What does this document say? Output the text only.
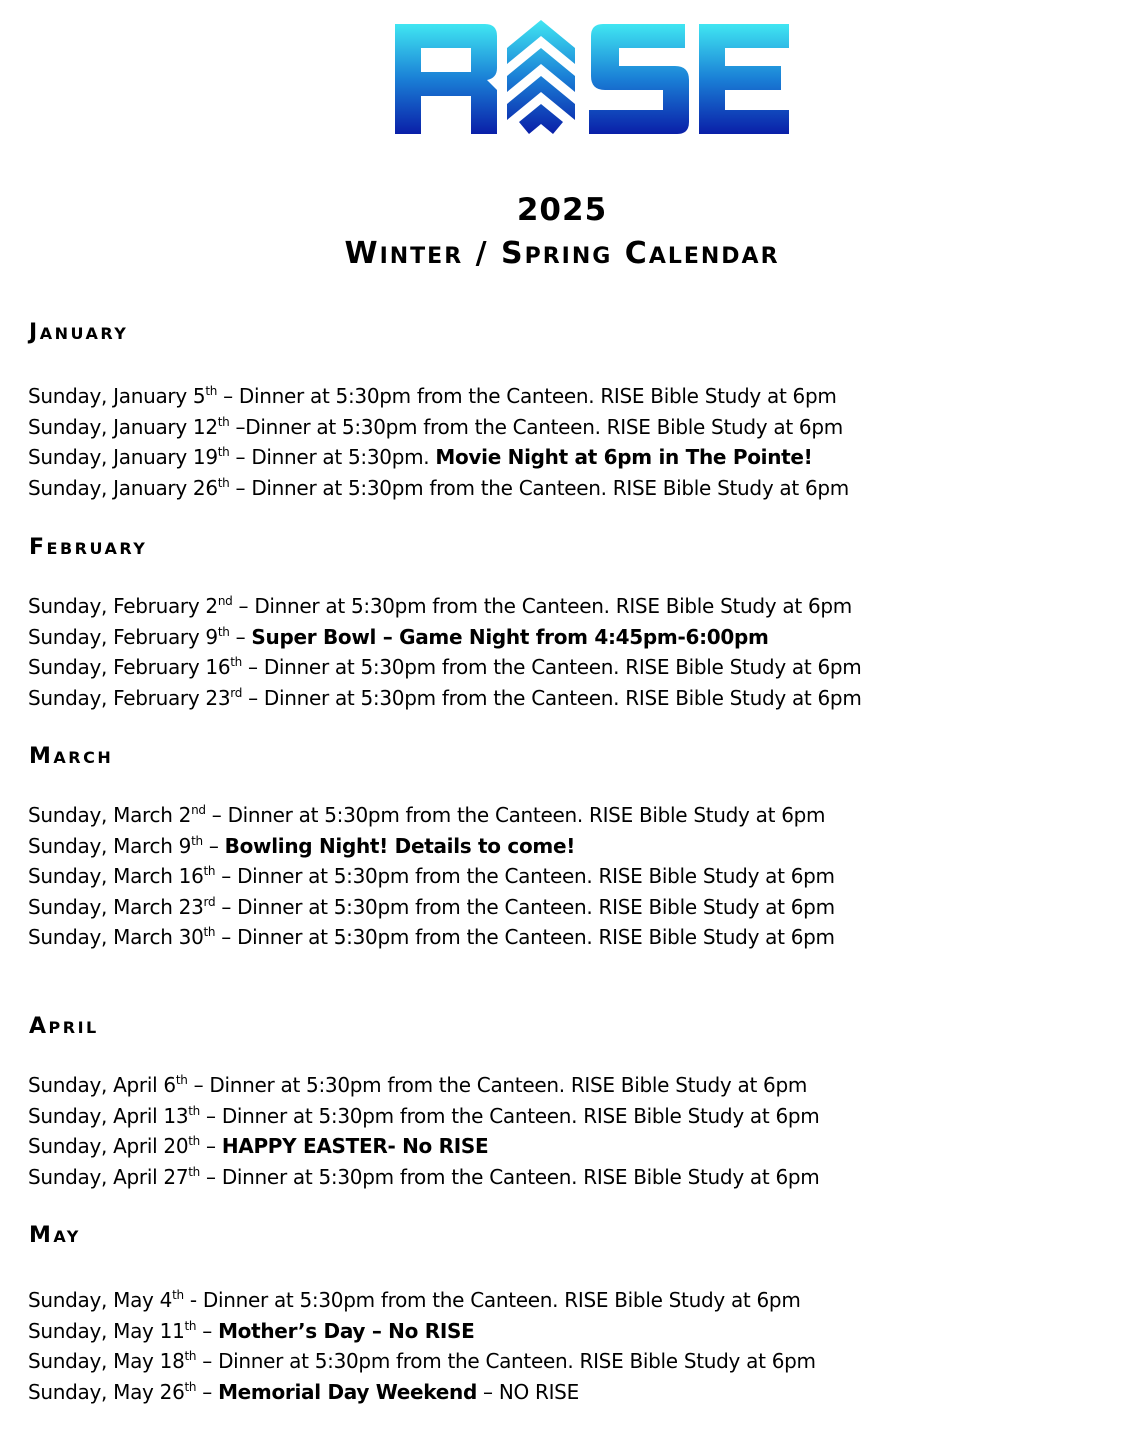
2025
WINTER / SPRING CALENDAR
JANUARY
Sunday, January 5th – Dinner at 5:30pm from the Canteen. RISE Bible Study at 6pm
Sunday, January 12th –Dinner at 5:30pm from the Canteen. RISE Bible Study at 6pm
Sunday, January 19th – Dinner at 5:30pm. Movie Night at 6pm in The Pointe!
Sunday, January 26th – Dinner at 5:30pm from the Canteen. RISE Bible Study at 6pm
FEBRUARY
Sunday, February 2nd – Dinner at 5:30pm from the Canteen. RISE Bible Study at 6pm
Sunday, February 9th – Super Bowl – Game Night from 4:45pm-6:00pm
Sunday, February 16th – Dinner at 5:30pm from the Canteen. RISE Bible Study at 6pm
Sunday, February 23rd – Dinner at 5:30pm from the Canteen. RISE Bible Study at 6pm
MARCH
Sunday, March 2nd – Dinner at 5:30pm from the Canteen. RISE Bible Study at 6pm
Sunday, March 9th – Bowling Night! Details to come!
Sunday, March 16th – Dinner at 5:30pm from the Canteen. RISE Bible Study at 6pm
Sunday, March 23rd – Dinner at 5:30pm from the Canteen. RISE Bible Study at 6pm
Sunday, March 30th – Dinner at 5:30pm from the Canteen. RISE Bible Study at 6pm
APRIL
Sunday, April 6th – Dinner at 5:30pm from the Canteen. RISE Bible Study at 6pm
Sunday, April 13th – Dinner at 5:30pm from the Canteen. RISE Bible Study at 6pm
Sunday, April 20th – HAPPY EASTER- No RISE
Sunday, April 27th – Dinner at 5:30pm from the Canteen. RISE Bible Study at 6pm
MAY
Sunday, May 4th - Dinner at 5:30pm from the Canteen. RISE Bible Study at 6pm
Sunday, May 11th – Mother’s Day – No RISE
Sunday, May 18th – Dinner at 5:30pm from the Canteen. RISE Bible Study at 6pm
Sunday, May 26th – Memorial Day Weekend – NO RISE
